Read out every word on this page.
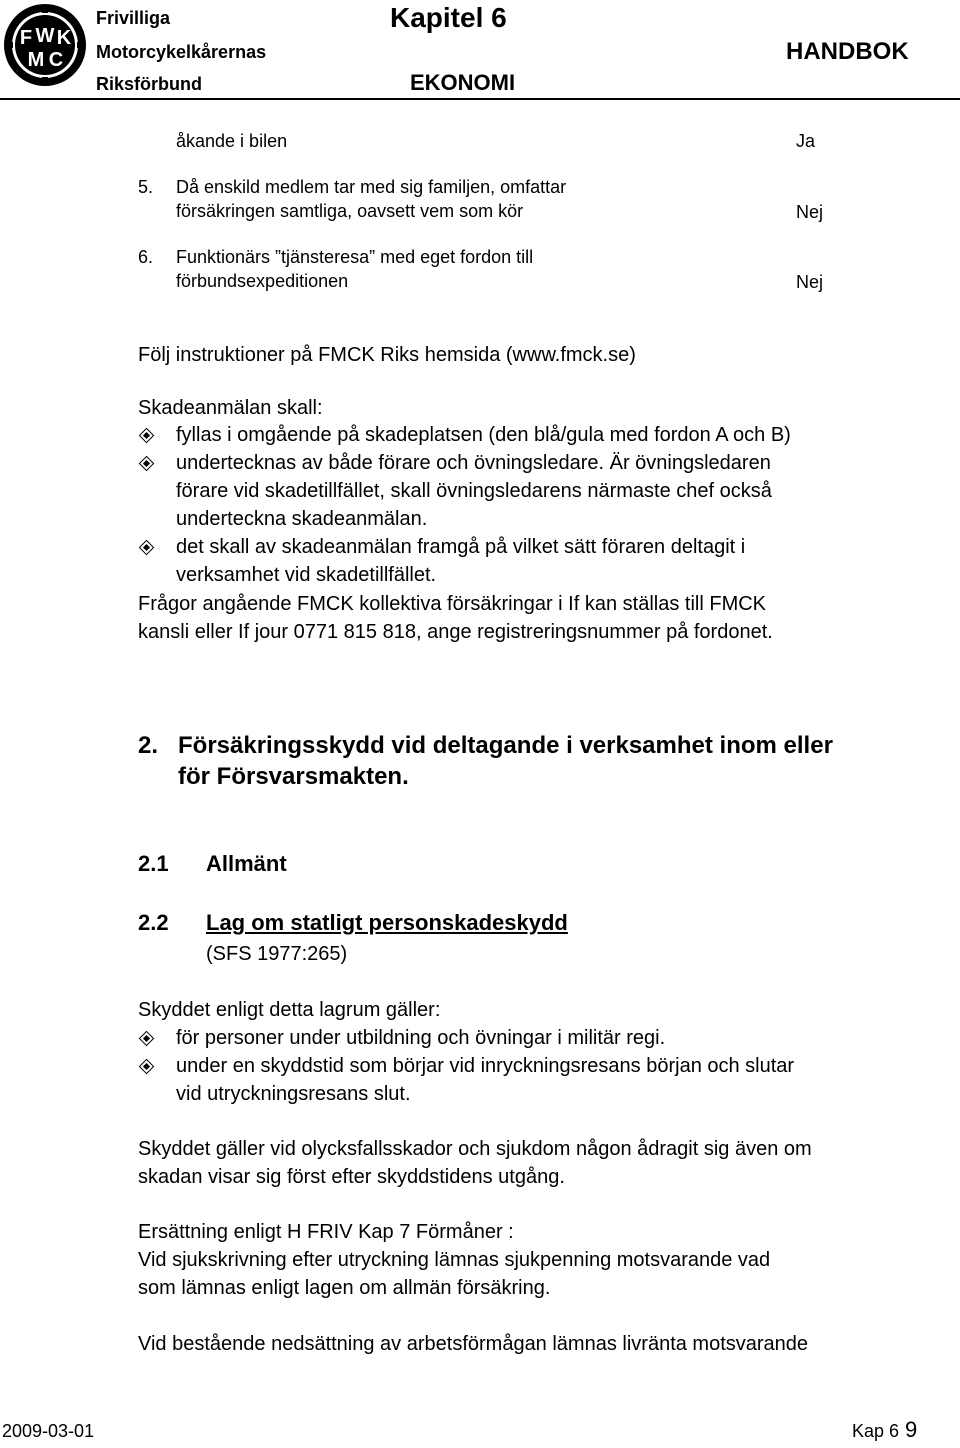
F W K
M C
Frivilliga
Motorcykelkårernas
Riksförbund
Kapitel 6
EKONOMI
HANDBOK
åkande i bilen	Ja
5. Då enskild medlem tar med sig familjen, omfattar
försäkringen samtliga, oavsett vem som kör	Nej
6. Funktionärs ”tjänsteresa” med eget fordon till
förbundsexpeditionen	Nej
Följ instruktioner på FMCK Riks hemsida (www.fmck.se)
Skadeanmälan skall:
fyllas i omgående på skadeplatsen (den blå/gula med fordon A och B)
undertecknas av både förare och övningsledare. Är övningsledaren
förare vid skadetillfället, skall övningsledarens närmaste chef också
underteckna skadeanmälan.
det skall av skadeanmälan framgå på vilket sätt föraren deltagit i
verksamhet vid skadetillfället.
Frågor angående FMCK kollektiva försäkringar i If kan ställas till FMCK
kansli eller If jour 0771 815 818, ange registreringsnummer på fordonet.
2. Försäkringsskydd vid deltagande i verksamhet inom eller
för Försvarsmakten.
2.1 Allmänt
2.2 Lag om statligt personskadeskydd
(SFS 1977:265)
Skyddet enligt detta lagrum gäller:
för personer under utbildning och övningar i militär regi.
under en skyddstid som börjar vid inryckningsresans början och slutar
vid utryckningsresans slut.
Skyddet gäller vid olycksfallsskador och sjukdom någon ådragit sig även om
skadan visar sig först efter skyddstidens utgång.
Ersättning enligt H FRIV Kap 7 Förmåner :
Vid sjukskrivning efter utryckning lämnas sjukpenning motsvarande vad
som lämnas enligt lagen om allmän försäkring.
Vid bestående nedsättning av arbetsförmågan lämnas livränta motsvarande
2009-03-01	Kap 6 9
